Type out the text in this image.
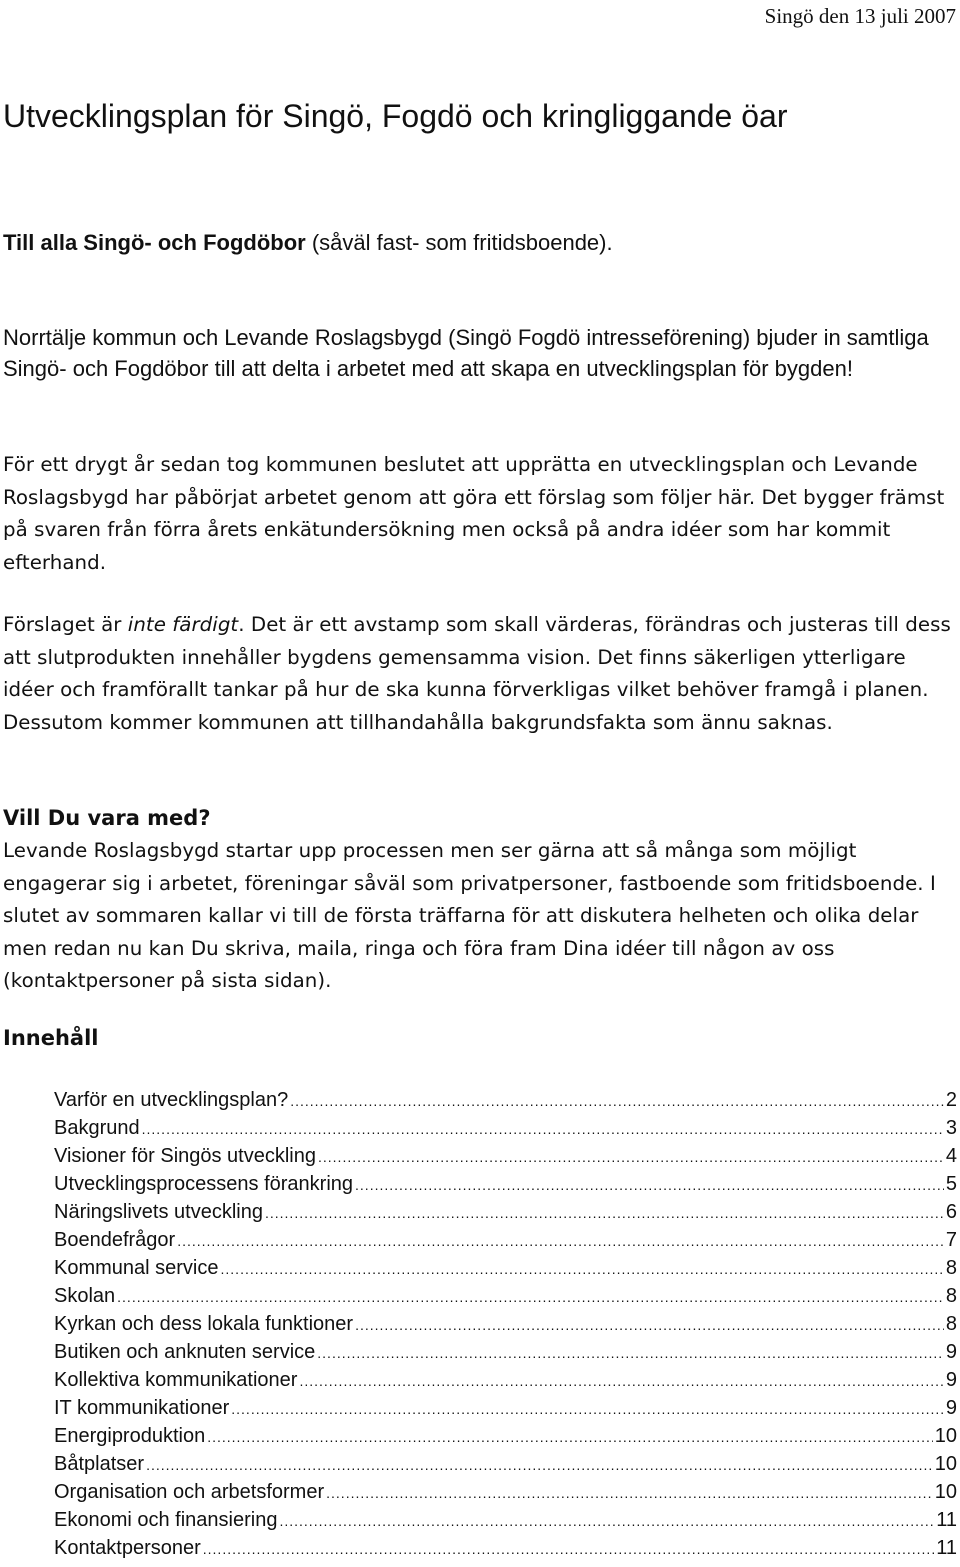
Singö den 13 juli 2007
Utvecklingsplan för Singö, Fogdö och kringliggande öar
Till alla Singö- och Fogdöbor (såväl fast- som fritidsboende).

Norrtälje kommun och Levande Roslagsbygd (Singö Fogdö intresseförening) bjuder in samtliga Singö- och Fogdöbor till att delta i arbetet med att skapa en utvecklingsplan för bygden!

För ett drygt år sedan tog kommunen beslutet att upprätta en utvecklingsplan och Levande Roslagsbygd har påbörjat arbetet genom att göra ett förslag som följer här. Det bygger främst på svaren från förra årets enkätundersökning men också på andra idéer som har kommit efterhand.

Förslaget är inte färdigt. Det är ett avstamp som skall värderas, förändras och justeras till dess att slutprodukten innehåller bygdens gemensamma vision. Det finns säkerligen ytterligare idéer och framförallt tankar på hur de ska kunna förverkligas vilket behöver framgå i planen. Dessutom kommer kommunen att tillhandahålla bakgrundsfakta som ännu saknas.

Vill Du vara med?

Levande Roslagsbygd startar upp processen men ser gärna att så många som möjligt engagerar sig i arbetet, föreningar såväl som privatpersoner, fastboende som fritidsboende. I slutet av sommaren kallar vi till de första träffarna för att diskutera helheten och olika delar men redan nu kan Du skriva, maila, ringa och föra fram Dina idéer till någon av oss (kontaktpersoner på sista sidan).

Innehåll
Varför en utvecklingsplan? .....	2
Bakgrund .....	3
Visioner för Singös utveckling .....	4
Utvecklingsprocessens förankring .....	5
Näringslivets utveckling .....	6
Boendefrågor .....	7
Kommunal service .....	8
Skolan .....	8
Kyrkan och dess lokala funktioner .....	8
Butiken och anknuten service .....	9
Kollektiva kommunikationer .....	9
IT kommunikationer .....	9
Energiproduktion .....	10
Båtplatser .....	10
Organisation och arbetsformer .....	10
Ekonomi och finansiering .....	11
Kontaktpersoner .....	11
